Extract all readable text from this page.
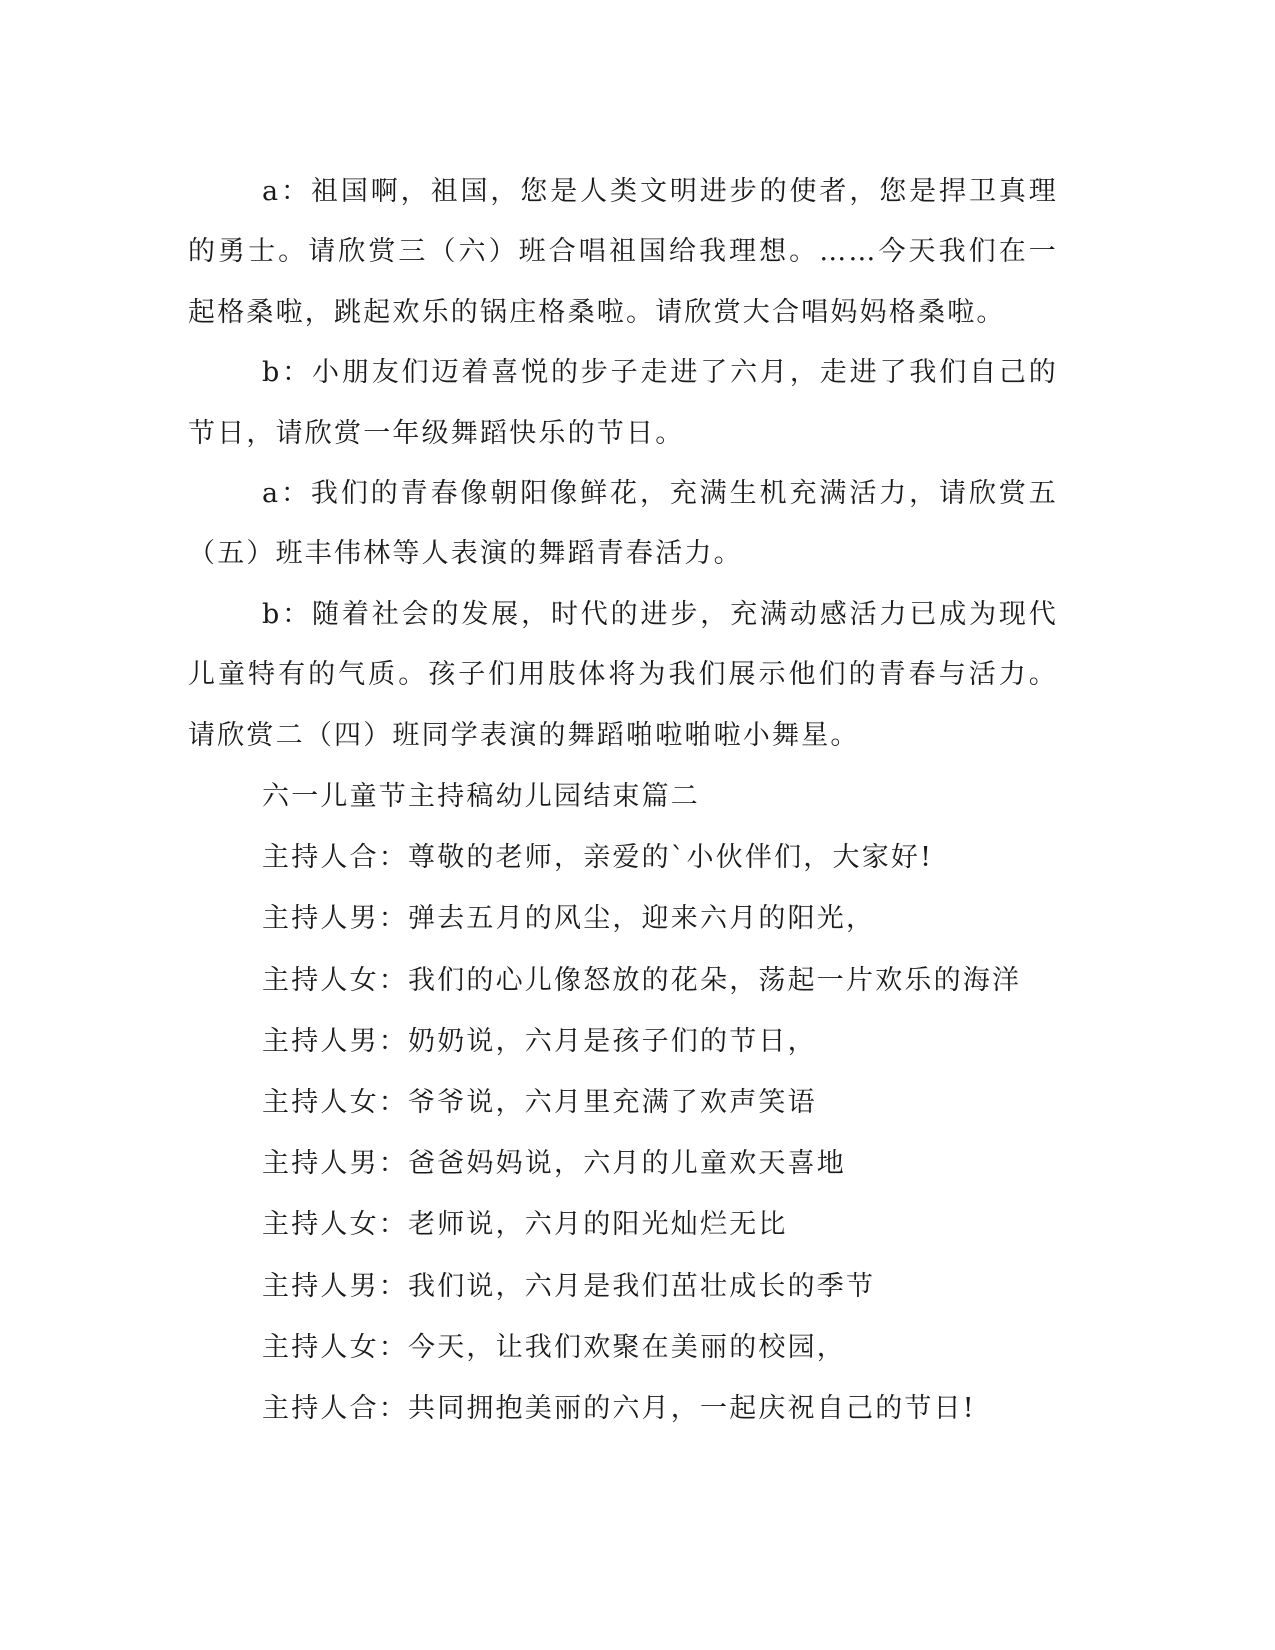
a：祖国啊，祖国，您是人类文明进步的使者，您是捍卫真理的勇士。请欣赏三（六）班合唱祖国给我理想。……今天我们在一起格桑啦，跳起欢乐的锅庄格桑啦。请欣赏大合唱妈妈格桑啦。

b：小朋友们迈着喜悦的步子走进了六月，走进了我们自己的节日，请欣赏一年级舞蹈快乐的节日。

a：我们的青春像朝阳像鲜花，充满生机充满活力，请欣赏五（五）班丰伟林等人表演的舞蹈青春活力。

b：随着社会的发展，时代的进步，充满动感活力已成为现代儿童特有的气质。孩子们用肢体将为我们展示他们的青春与活力。请欣赏二（四）班同学表演的舞蹈啪啦啪啦小舞星。

六一儿童节主持稿幼儿园结束篇二

主持人合：尊敬的老师，亲爱的`小伙伴们，大家好!

主持人男：弹去五月的风尘，迎来六月的阳光，

主持人女：我们的心儿像怒放的花朵，荡起一片欢乐的海洋

主持人男：奶奶说，六月是孩子们的节日，

主持人女：爷爷说，六月里充满了欢声笑语

主持人男：爸爸妈妈说，六月的儿童欢天喜地

主持人女：老师说，六月的阳光灿烂无比

主持人男：我们说，六月是我们茁壮成长的季节

主持人女：今天，让我们欢聚在美丽的校园，

主持人合：共同拥抱美丽的六月，一起庆祝自己的节日!
